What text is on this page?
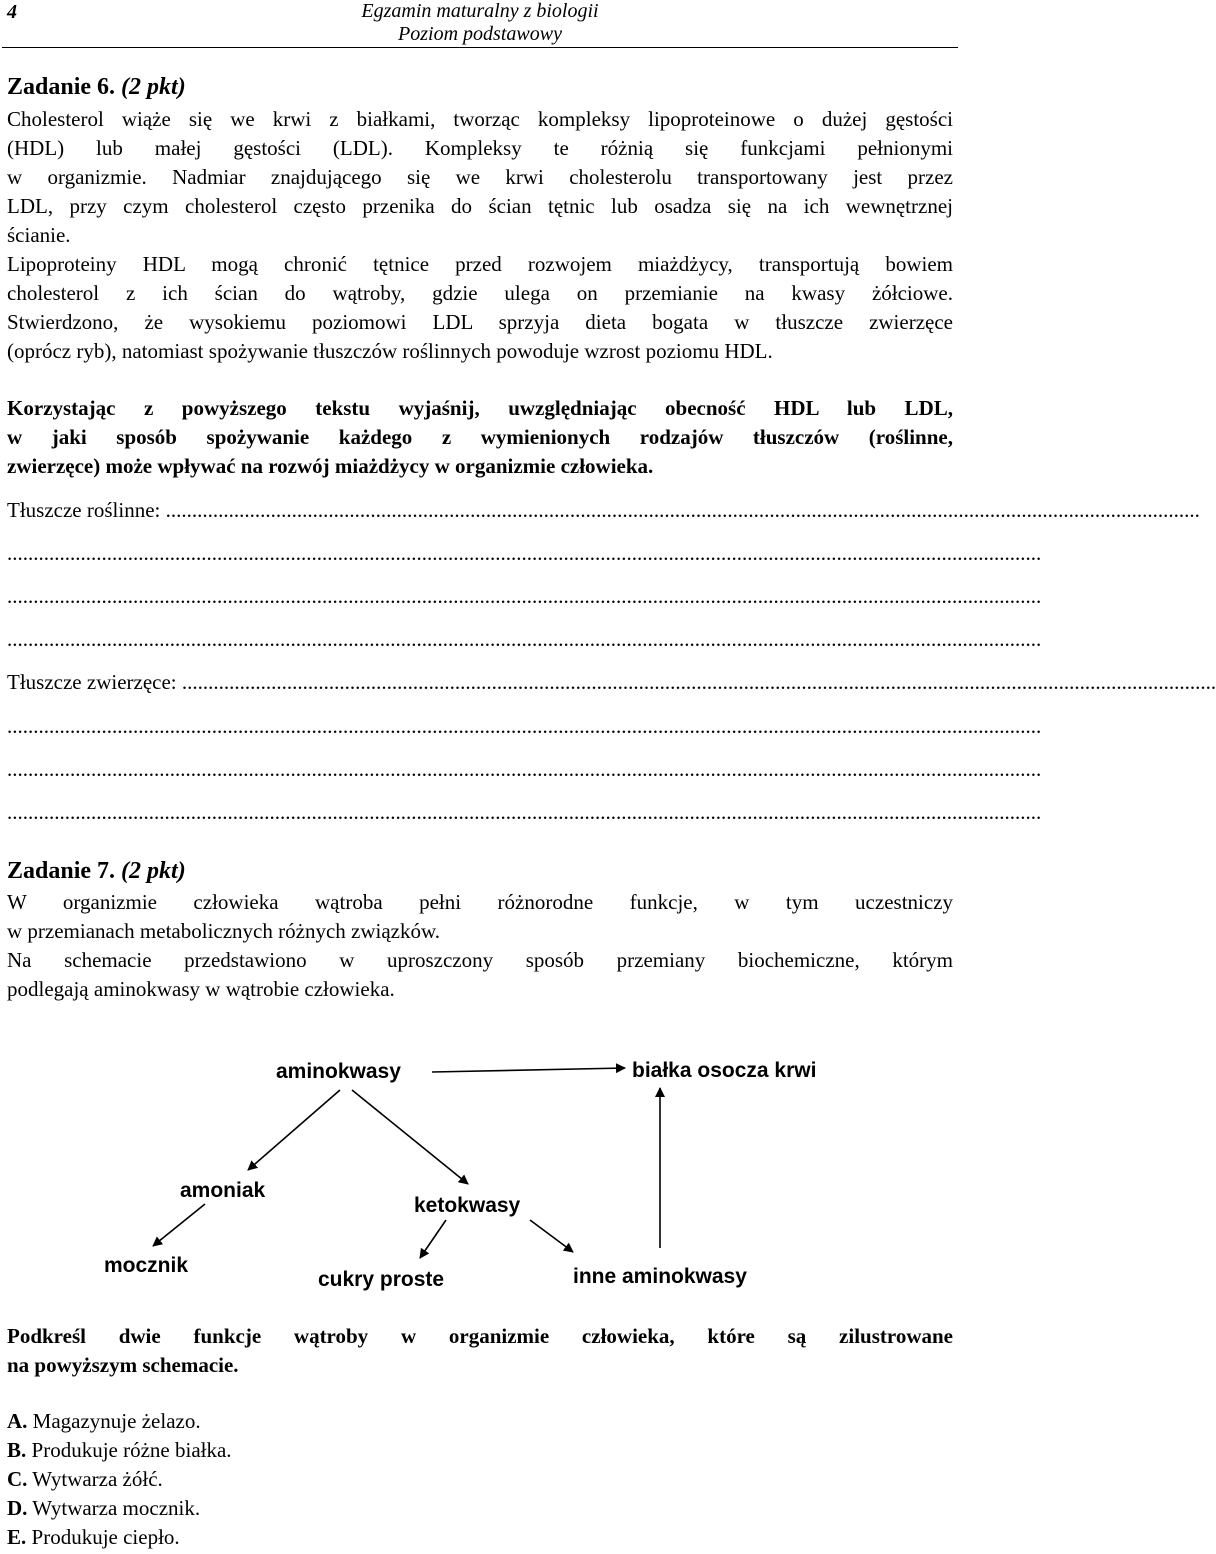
4	Egzamin maturalny z biologii
Poziom podstawowy
Zadanie 6. (2 pkt)
Cholesterol wiąże się we krwi z białkami, tworząc kompleksy lipoproteinowe o dużej gęstości
(HDL) lub małej gęstości (LDL). Kompleksy te różnią się funkcjami pełnionymi
w organizmie. Nadmiar znajdującego się we krwi cholesterolu transportowany jest przez
LDL, przy czym cholesterol często przenika do ścian tętnic lub osadza się na ich wewnętrznej
ścianie.
Lipoproteiny HDL mogą chronić tętnice przed rozwojem miażdżycy, transportują bowiem
cholesterol z ich ścian do wątroby, gdzie ulega on przemianie na kwasy żółciowe.
Stwierdzono, że wysokiemu poziomowi LDL sprzyja dieta bogata w tłuszcze zwierzęce
(oprócz ryb), natomiast spożywanie tłuszczów roślinnych powoduje wzrost poziomu HDL.
Korzystając z powyższego tekstu wyjaśnij, uwzględniając obecność HDL lub LDL,
w jaki sposób spożywanie każdego z wymienionych rodzajów tłuszczów (roślinne,
zwierzęce) może wpływać na rozwój miażdżycy w organizmie człowieka.
Tłuszcze roślinne: .....................................................................................................................................................................................................
.....................................................................................................................................................................................................
.....................................................................................................................................................................................................
.....................................................................................................................................................................................................
Tłuszcze zwierzęce: .....................................................................................................................................................................................................
.....................................................................................................................................................................................................
.....................................................................................................................................................................................................
.....................................................................................................................................................................................................
Zadanie 7. (2 pkt)
W organizmie człowieka wątroba pełni różnorodne funkcje, w tym uczestniczy
w przemianach metabolicznych różnych związków.
Na schemacie przedstawiono w uproszczony sposób przemiany biochemiczne, którym
podlegają aminokwasy w wątrobie człowieka.
aminokwasy	białka osocza krwi
amoniak
ketokwasy
mocznik
cukry proste	inne aminokwasy
Podkreśl dwie funkcje wątroby w organizmie człowieka, które są zilustrowane
na powyższym schemacie.
A. Magazynuje żelazo.
B. Produkuje różne białka.
C. Wytwarza żółć.
D. Wytwarza mocznik.
E. Produkuje ciepło.
